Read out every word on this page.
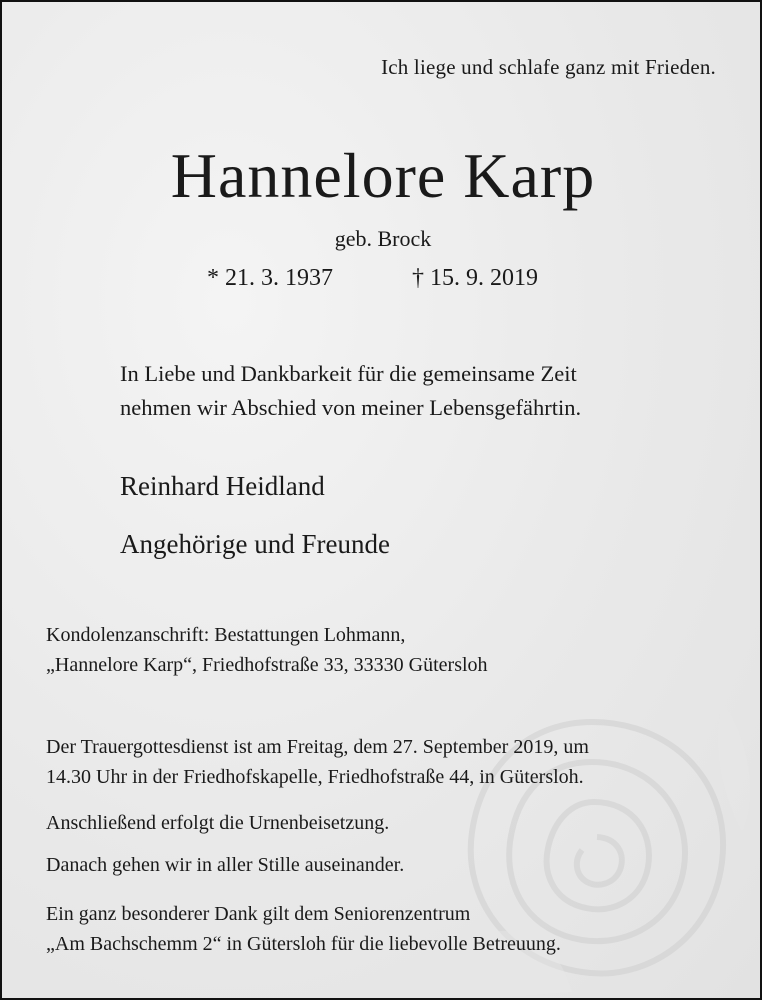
Ich liege und schlafe ganz mit Frieden.
Hannelore Karp
geb. Brock
* 21. 3. 1937	† 15. 9. 2019
In Liebe und Dankbarkeit für die gemeinsame Zeit
nehmen wir Abschied von meiner Lebensgefährtin.
Reinhard Heidland
Angehörige und Freunde
Kondolenzanschrift: Bestattungen Lohmann,
„Hannelore Karp“, Friedhofstraße 33, 33330 Gütersloh
Der Trauergottesdienst ist am Freitag, dem 27. September 2019, um
14.30 Uhr in der Friedhofskapelle, Friedhofstraße 44, in Gütersloh.
Anschließend erfolgt die Urnenbeisetzung.
Danach gehen wir in aller Stille auseinander.
Ein ganz besonderer Dank gilt dem Seniorenzentrum
„Am Bachschemm 2“ in Gütersloh für die liebevolle Betreuung.
